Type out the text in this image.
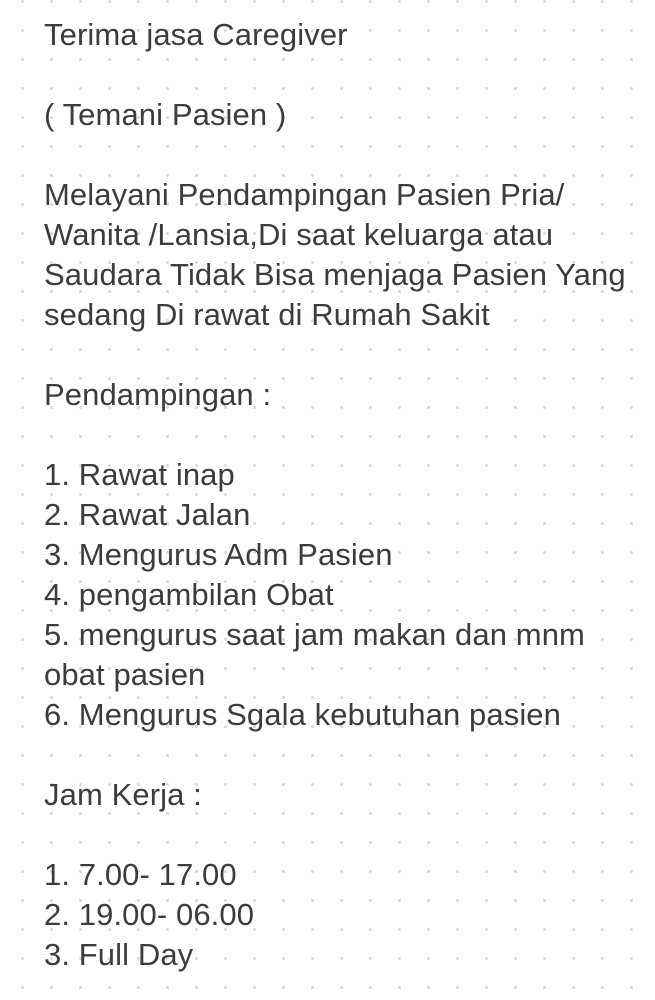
Terima jasa Caregiver
( Temani Pasien )
Melayani Pendampingan Pasien Pria/
Wanita /Lansia,Di saat keluarga atau
Saudara Tidak Bisa menjaga Pasien Yang
sedang Di rawat di Rumah Sakit
Pendampingan :
1. Rawat inap
2. Rawat Jalan
3. Mengurus Adm Pasien
4. pengambilan Obat
5. mengurus saat jam makan dan mnm
obat pasien
6. Mengurus Sgala kebutuhan pasien
Jam Kerja :
1. 7.00- 17.00
2. 19.00- 06.00
3. Full Day
